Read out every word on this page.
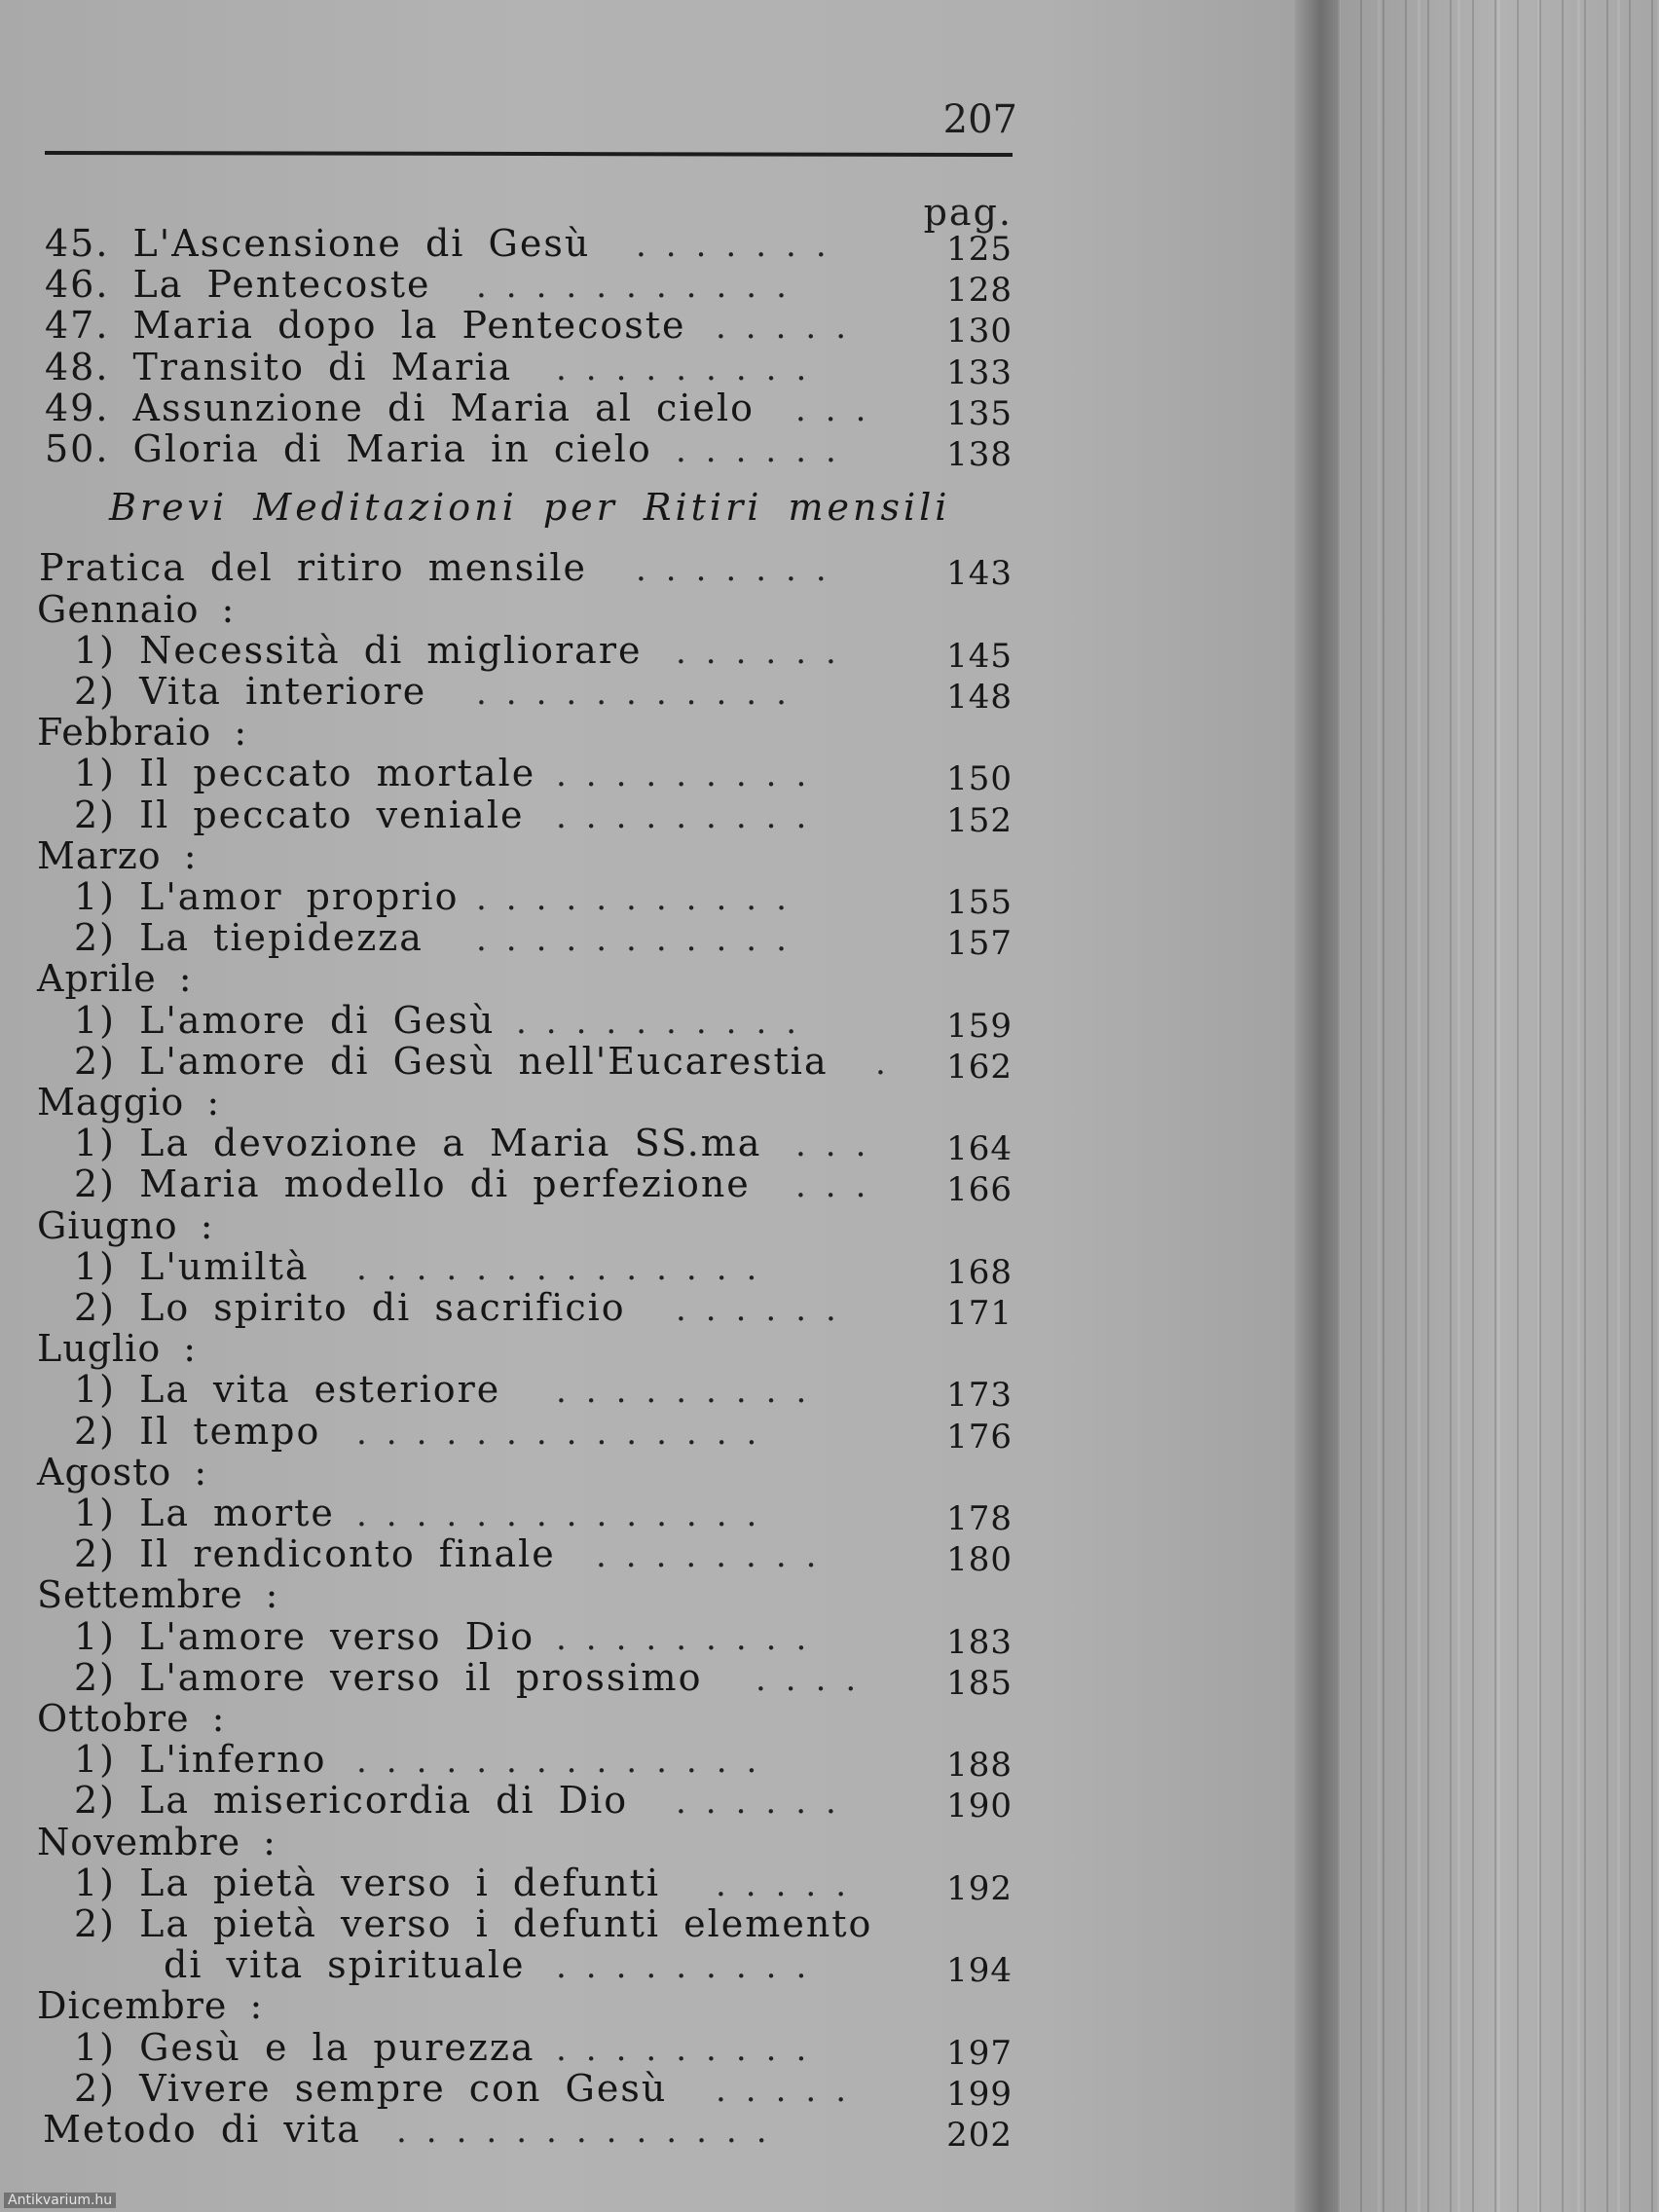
207
pag.
45. L'Ascensione di Gesù .......	125
46. La Pentecoste ...........	128
47. Maria dopo la Pentecoste .....	130
48. Transito di Maria .........	133
49. Assunzione di Maria al cielo ...	135
50. Gloria di Maria in cielo ......	138
Brevi Meditazioni per Ritiri mensili
Pratica del ritiro mensile .......	143
Gennaio :
1) Necessità di migliorare ......	145
2) Vita interiore ...........	148
Febbraio :
1) Il peccato mortale .........	150
2) Il peccato veniale .........	152
Marzo :
1) L'amor proprio ...........	155
2) La tiepidezza ...........	157
Aprile :
1) L'amore di Gesù ..........	159
2) L'amore di Gesù nell'Eucarestia .	162
Maggio :
1) La devozione a Maria SS.ma ...	164
2) Maria modello di perfezione ...	166
Giugno :
1) L'umiltà ..............	168
2) Lo spirito di sacrificio ......	171
Luglio :
1) La vita esteriore .........	173
2) Il tempo ..............	176
Agosto :
1) La morte ..............	178
2) Il rendiconto finale ........	180
Settembre :
1) L'amore verso Dio .........	183
2) L'amore verso il prossimo ....	185
Ottobre :
1) L'inferno ..............	188
2) La misericordia di Dio ......	190
Novembre :
1) La pietà verso i defunti .....	192
2) La pietà verso i defunti elemento
di vita spirituale .........	194
Dicembre :
1) Gesù e la purezza .........	197
2) Vivere sempre con Gesù .....	199
Metodo di vita .............	202
Antikvarium.hu
